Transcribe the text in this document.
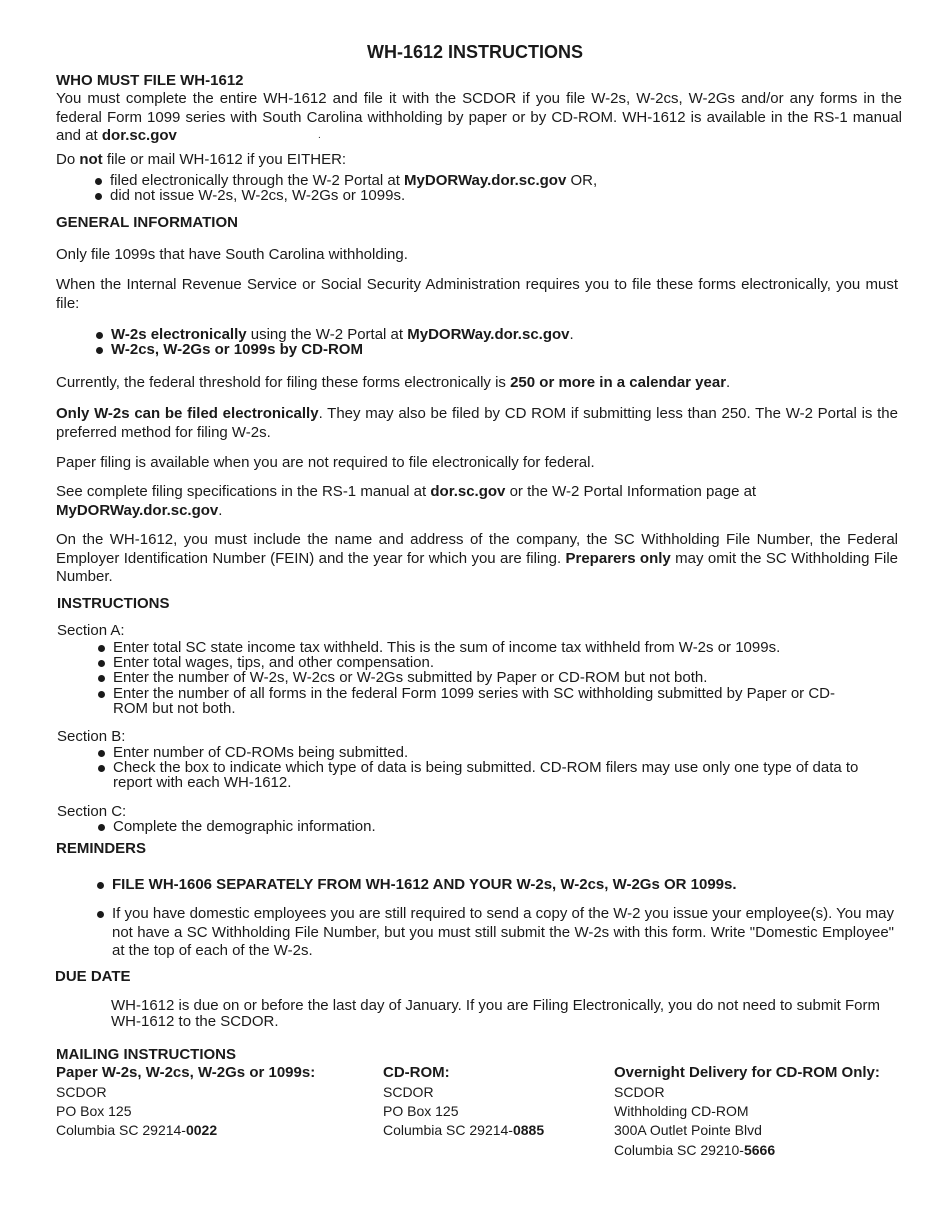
WH-1612 INSTRUCTIONS
WHO MUST FILE WH-1612

You must complete the entire WH-1612 and file it with the SCDOR if you file W-2s, W-2cs, W-2Gs and/or any forms in the federal Form 1099 series with South Carolina withholding by paper or by CD-ROM. WH-1612 is available in the RS-1 manual and at dor.sc.gov	.

Do not file or mail WH-1612 if you EITHER:

filed electronically through the W-2 Portal at MyDORWay.dor.sc.gov OR,
did not issue W-2s, W-2cs, W-2Gs or 1099s.
GENERAL INFORMATION

Only file 1099s that have South Carolina withholding.

When the Internal Revenue Service or Social Security Administration requires you to file these forms electronically, you must file:

W-2s electronically using the W-2 Portal at MyDORWay.dor.sc.gov.
W-2cs, W-2Gs or 1099s by CD-ROM

Currently, the federal threshold for filing these forms electronically is 250 or more in a calendar year.

Only W-2s can be filed electronically. They may also be filed by CD ROM if submitting less than 250. The W-2 Portal is the preferred method for filing W-2s.

Paper filing is available when you are not required to file electronically for federal.

See complete filing specifications in the RS-1 manual at dor.sc.gov or the W-2 Portal Information page at
MyDORWay.dor.sc.gov.

On the WH-1612, you must include the name and address of the company, the SC Withholding File Number, the Federal Employer Identification Number (FEIN) and the year for which you are filing. Preparers only may omit the SC Withholding File Number.

INSTRUCTIONS

Section A:

Enter total SC state income tax withheld. This is the sum of income tax withheld from W-2s or 1099s.
Enter total wages, tips, and other compensation.
Enter the number of W-2s, W-2cs or W-2Gs submitted by Paper or CD-ROM but not both.
Enter the number of all forms in the federal Form 1099 series with SC withholding submitted by Paper or CD-ROM but not both.

Section B:

Enter number of CD-ROMs being submitted.
Check the box to indicate which type of data is being submitted. CD-ROM filers may use only one type of data to report with each WH-1612.

Section C:

Complete the demographic information.
REMINDERS
FILE WH-1606 SEPARATELY FROM WH-1612 AND YOUR W-2s, W-2cs, W-2Gs OR 1099s.
If you have domestic employees you are still required to send a copy of the W-2 you issue your employee(s). You may not have a SC Withholding File Number, but you must still submit the W-2s with this form. Write "Domestic Employee" at the top of each of the W-2s.
DUE DATE

WH-1612 is due on or before the last day of January. If you are Filing Electronically, you do not need to submit Form WH-1612 to the SCDOR.

MAILING INSTRUCTIONS
Paper W-2s, W-2cs, W-2Gs or 1099s:
SCDOR
PO Box 125
Columbia SC 29214-0022
CD-ROM:
SCDOR
PO Box 125
Columbia SC 29214-0885
Overnight Delivery for CD-ROM Only:
SCDOR
Withholding CD-ROM
300A Outlet Pointe Blvd
Columbia SC 29210-5666
